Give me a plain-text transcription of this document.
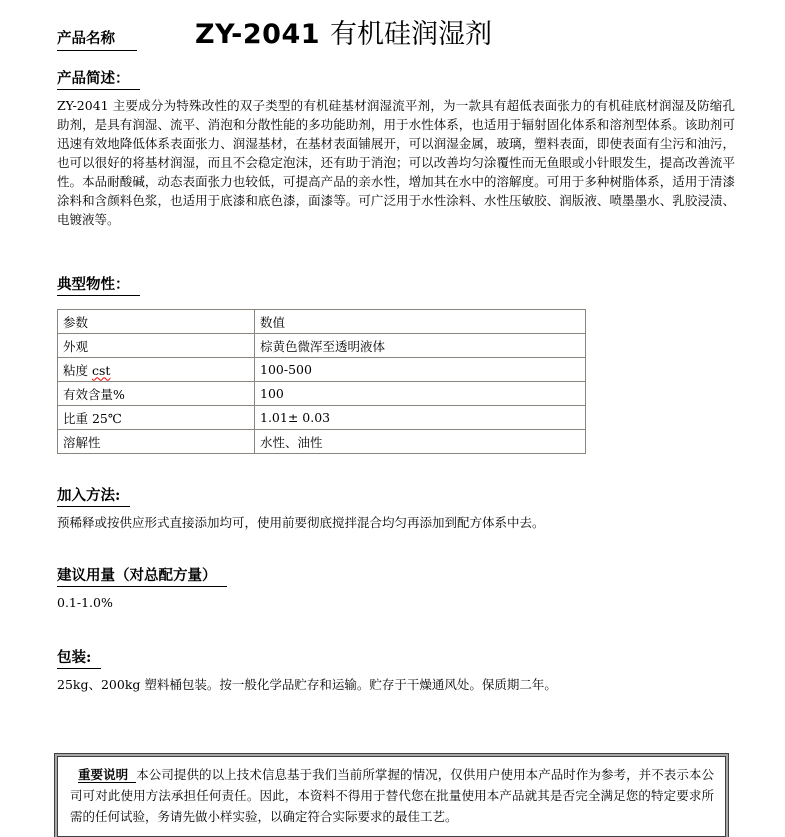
产品名称	ZY-2041 有机硅润湿剂
产品简述：
ZY-2041 主要成分为特殊改性的双子类型的有机硅基材润湿流平剂，为一款具有超低表面张力的有机硅底材润湿及防缩孔助剂，是具有润湿、流平、消泡和分散性能的多功能助剂，用于水性体系，也适用于辐射固化体系和溶剂型体系。该助剂可迅速有效地降低体系表面张力、润湿基材，在基材表面铺展开，可以润湿金属，玻璃，塑料表面，即使表面有尘污和油污，也可以很好的将基材润湿，而且不会稳定泡沫，还有助于消泡；可以改善均匀涂覆性而无鱼眼或小针眼发生，提高改善流平性。本品耐酸碱，动态表面张力也较低，可提高产品的亲水性，增加其在水中的溶解度。可用于多种树脂体系，适用于清漆涂料和含颜料色浆，也适用于底漆和底色漆，面漆等。可广泛用于水性涂料、水性压敏胶、润版液、喷墨墨水、乳胶浸渍、电镀液等。
典型物性：
参数	数值
外观	棕黄色微浑至透明液体
粘度 cst	100-500
有效含量%	100
比重 25℃	1.01± 0.03
溶解性	水性、油性
加入方法:
预稀释或按供应形式直接添加均可，使用前要彻底搅拌混合均匀再添加到配方体系中去。
建议用量（对总配方量）
0.1-1.0%
包装:
25kg、200kg 塑料桶包装。按一般化学品贮存和运输。贮存于干燥通风处。保质期二年。
重要说明 本公司提供的以上技术信息基于我们当前所掌握的情况，仅供用户使用本产品时作为参考，并不表示本公司可对此使用方法承担任何责任。因此，本资料不得用于替代您在批量使用本产品就其是否完全满足您的特定要求所需的任何试验，务请先做小样实验，以确定符合实际要求的最佳工艺。
